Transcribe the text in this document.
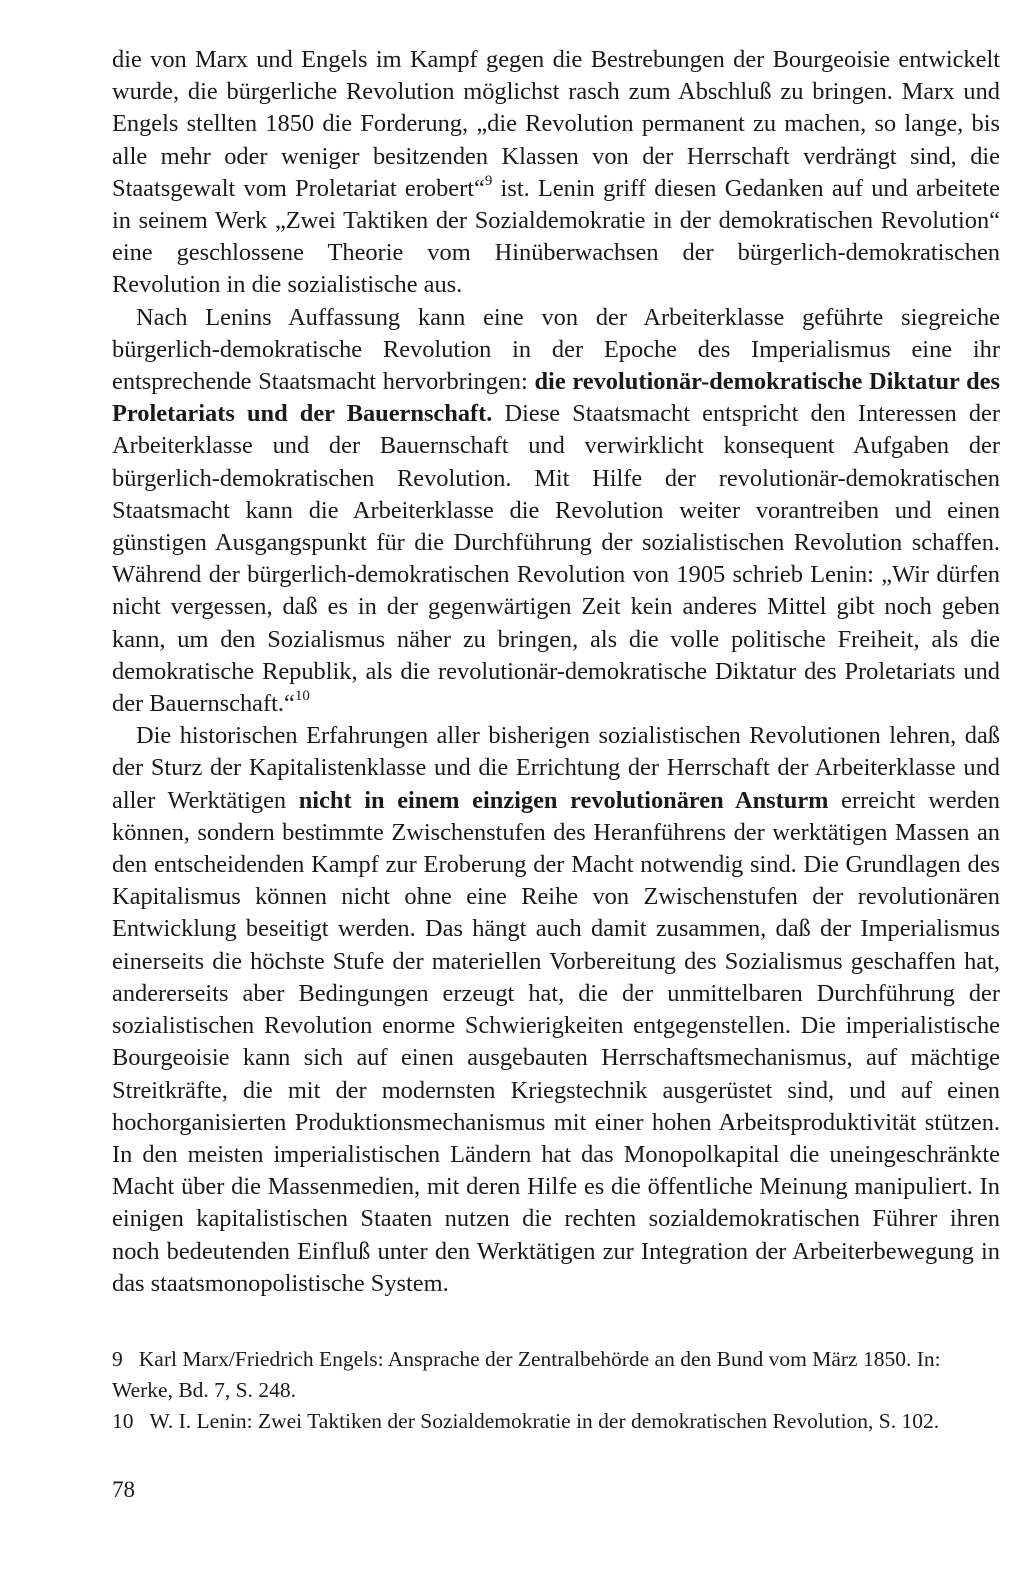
die von Marx und Engels im Kampf gegen die Bestrebungen der Bourgeoisie entwickelt wurde, die bürgerliche Revolution möglichst rasch zum Abschluß zu bringen. Marx und Engels stellten 1850 die Forderung, „die Revolution permanent zu machen, so lange, bis alle mehr oder weniger besitzenden Klassen von der Herrschaft verdrängt sind, die Staatsgewalt vom Proletariat erobert“$^9$ ist. Lenin griff diesen Gedanken auf und arbeitete in seinem Werk „Zwei Taktiken der Sozialdemokratie in der demokratischen Revolution“ eine geschlossene Theorie vom Hinüberwachsen der bürgerlich-demokratischen Revolution in die sozialistische aus.

Nach Lenins Auffassung kann eine von der Arbeiterklasse geführte siegreiche bürgerlich-demokratische Revolution in der Epoche des Imperialismus eine ihr entsprechende Staatsmacht hervorbringen: die revolutionär-demokratische Diktatur des Proletariats und der Bauernschaft. Diese Staatsmacht entspricht den Interessen der Arbeiterklasse und der Bauernschaft und verwirklicht konsequent Aufgaben der bürgerlich-demokratischen Revolution. Mit Hilfe der revolutionär-demokratischen Staatsmacht kann die Arbeiterklasse die Revolution weiter vorantreiben und einen günstigen Ausgangspunkt für die Durchführung der sozialistischen Revolution schaffen. Während der bürgerlich-demokratischen Revolution von 1905 schrieb Lenin: „Wir dürfen nicht vergessen, daß es in der gegenwärtigen Zeit kein anderes Mittel gibt noch geben kann, um den Sozialismus näher zu bringen, als die volle politische Freiheit, als die demokratische Republik, als die revolutionär-demokratische Diktatur des Proletariats und der Bauernschaft.“$^{10}$

Die historischen Erfahrungen aller bisherigen sozialistischen Revolutionen lehren, daß der Sturz der Kapitalistenklasse und die Errichtung der Herrschaft der Arbeiterklasse und aller Werktätigen nicht in einem einzigen revolutionären Ansturm erreicht werden können, sondern bestimmte Zwischenstufen des Heranführens der werktätigen Massen an den entscheidenden Kampf zur Eroberung der Macht notwendig sind. Die Grundlagen des Kapitalismus können nicht ohne eine Reihe von Zwischenstufen der revolutionären Entwicklung beseitigt werden. Das hängt auch damit zusammen, daß der Imperialismus einerseits die höchste Stufe der materiellen Vorbereitung des Sozialismus geschaffen hat, andererseits aber Bedingungen erzeugt hat, die der unmittelbaren Durchführung der sozialistischen Revolution enorme Schwierigkeiten entgegenstellen. Die imperialistische Bourgeoisie kann sich auf einen ausgebauten Herrschaftsmechanismus, auf mächtige Streitkräfte, die mit der modernsten Kriegstechnik ausgerüstet sind, und auf einen hochorganisierten Produktionsmechanismus mit einer hohen Arbeitsproduktivität stützen. In den meisten imperialistischen Ländern hat das Monopolkapital die uneingeschränkte Macht über die Massenmedien, mit deren Hilfe es die öffentliche Meinung manipuliert. In einigen kapitalistischen Staaten nutzen die rechten sozialdemokratischen Führer ihren noch bedeutenden Einfluß unter den Werktätigen zur Integration der Arbeiterbewegung in das staatsmonopolistische System.

9 Karl Marx/Friedrich Engels: Ansprache der Zentralbehörde an den Bund vom März 1850. In: Werke, Bd. 7, S. 248.

10 W. I. Lenin: Zwei Taktiken der Sozialdemokratie in der demokratischen Revolution, S. 102.

78
